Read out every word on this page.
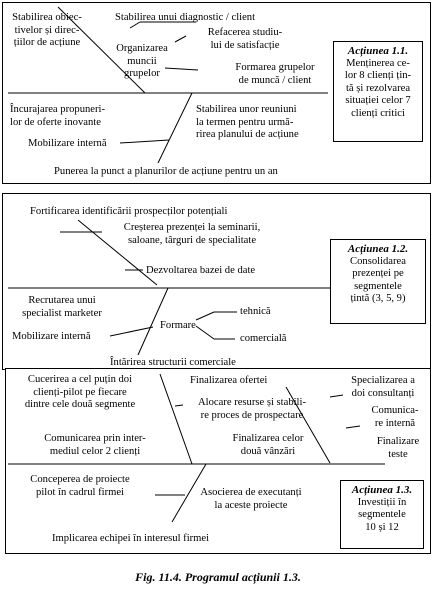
Stabilirea obiec-
tivelor și direc-
țiilor de acțiune
Stabilirea unui diagnostic / client
Refacerea studiu-
lui de satisfacție
Organizarea
muncii
grupelor
Formarea grupelor
de muncă / client
Încurajarea propuneri-
lor de oferte inovante
Stabilirea unor reuniuni
la termen pentru urmă-
rirea planului de acțiune
Mobilizare internă
Punerea la punct a planurilor de acțiune pentru un an
Acțiunea 1.1.
Menținerea ce-
lor 8 clienți țin-
tă și rezolvarea
situației celor 7
clienți critici
Fortificarea identificării prospecților potențiali
Creșterea prezenței la seminarii,
saloane, târguri de specialitate
Dezvoltarea bazei de date
Recrutarea unui
specialist marketer
Formare
tehnică
comercială
Mobilizare internă
Întărirea structurii comerciale
Acțiunea 1.2.
Consolidarea
prezenței pe
segmentele
țintă (3, 5, 9)
Cucerirea a cel puțin doi
clienți-pilot pe fiecare
dintre cele două segmente
Finalizarea ofertei
Alocare resurse și stabili-
re proces de prospectare
Specializarea a
doi consultanți
Comunica-
re internă
Comunicarea prin inter-
mediul celor 2 clienți
Finalizarea celor
două vânzări
Finalizare
teste
Conceperea de proiecte
pilot în cadrul firmei	Asocierea de executanți
la aceste proiecte
Implicarea echipei în interesul firmei
Acțiunea 1.3.
Investiții în
segmentele
10 și 12
Fig. 11.4. Programul acțiunii 1.3.
